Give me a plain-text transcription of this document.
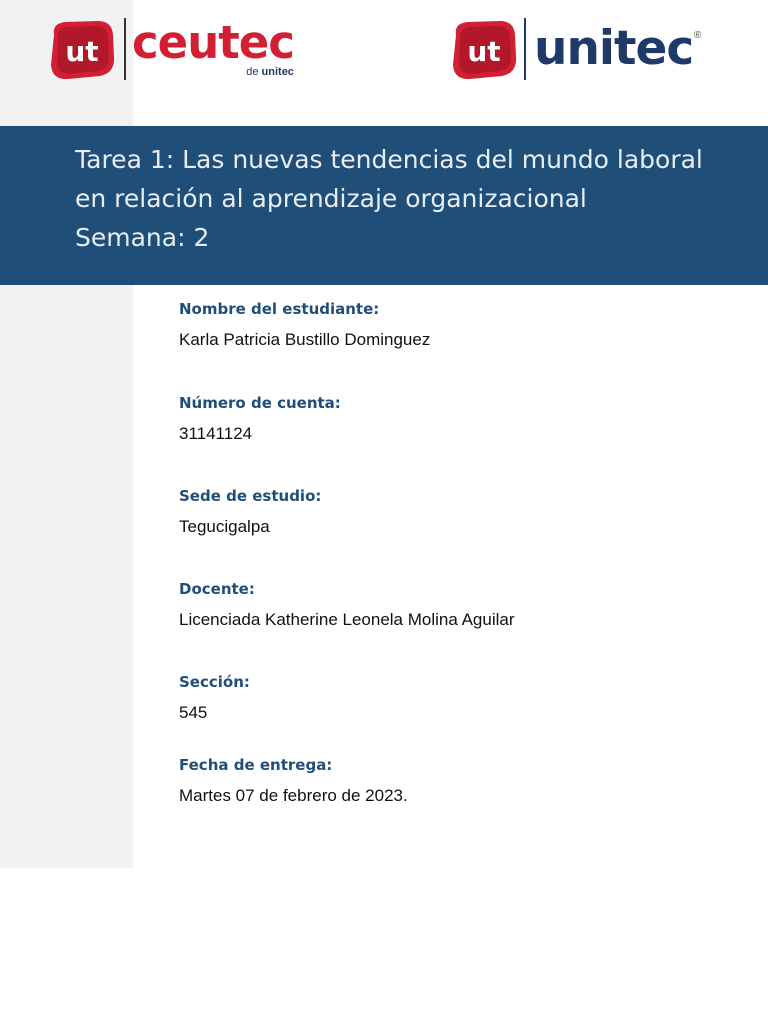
ut ceutec
de unitec
ut unitec ®
Tarea 1: Las nuevas tendencias del mundo laboral
en relación al aprendizaje organizacional
Semana: 2
Nombre del estudiante:
Karla Patricia Bustillo Dominguez
Número de cuenta:
31141124
Sede de estudio:
Tegucigalpa
Docente:
Licenciada Katherine Leonela Molina Aguilar
Sección:
545
Fecha de entrega:
Martes 07 de febrero de 2023.
